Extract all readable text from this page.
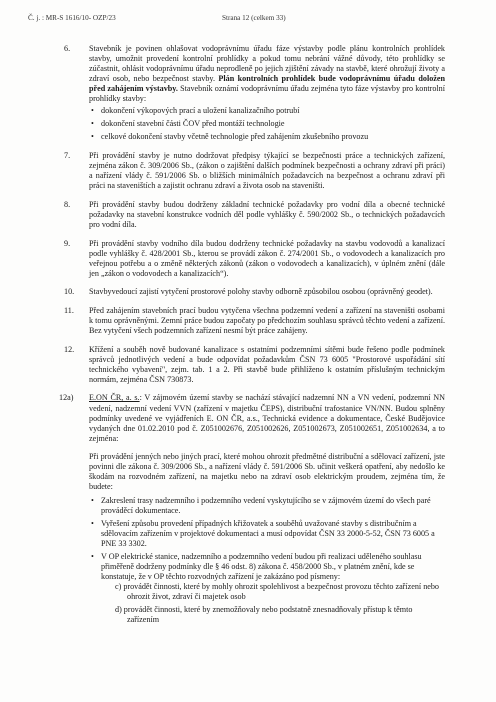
Č. j. : MR-S 1616/10- OZP/23	Strana 12 (celkem 33)
6. Stavebník je povinen ohlašovat vodoprávnímu úřadu fáze výstavby podle plánu kontrolních prohlídek stavby, umožnit provedení kontrolní prohlídky a pokud tomu nebrání vážné důvody, této prohlídky se zúčastnit, ohlásit vodoprávnímu úřadu neprodleně po jejich zjištění závady na stavbě, které ohrožují životy a zdraví osob, nebo bezpečnost stavby. Plán kontrolních prohlídek bude vodoprávnímu úřadu doložen před zahájením výstavby. Stavebník oznámí vodoprávnímu úřadu zejména tyto fáze výstavby pro kontrolní prohlídky stavby:

• dokončení výkopových prací a uložení kanalizačního potrubí
• dokončení stavební části ČOV před montáží technologie
• celkové dokončení stavby včetně technologie před zahájením zkušebního provozu
7. Při provádění stavby je nutno dodržovat předpisy týkající se bezpečnosti práce a technických zařízení, zejména zákon č. 309/2006 Sb., (zákon o zajištění dalších podmínek bezpečnosti a ochrany zdraví při práci) a nařízení vlády č. 591/2006 Sb. o bližších minimálních požadavcích na bezpečnost a ochranu zdraví při práci na staveništích a zajistit ochranu zdraví a života osob na staveništi.

8. Při provádění stavby budou dodrženy základní technické požadavky pro vodní díla a obecné technické požadavky na stavební konstrukce vodních děl podle vyhlášky č. 590/2002 Sb., o technických požadavcích pro vodní díla.

9. Při provádění stavby vodního díla budou dodrženy technické požadavky na stavbu vodovodů a kanalizací podle vyhlášky č. 428/2001 Sb., kterou se provádí zákon č. 274/2001 Sb., o vodovodech a kanalizacích pro veřejnou potřebu a o změně některých zákonů (zákon o vodovodech a kanalizacích), v úplném znění (dále jen „zákon o vodovodech a kanalizacích“).

10. Stavbyvedoucí zajistí vytyčení prostorové polohy stavby odborně způsobilou osobou (oprávněný geodet).

11. Před zahájením stavebních prací budou vytyčena všechna podzemní vedení a zařízení na staveništi osobami k tomu oprávněnými. Zemní práce budou započaty po předchozím souhlasu správců těchto vedení a zařízení. Bez vytyčení všech podzemních zařízení nesmí být práce zahájeny.

12. Křížení a souběh nově budované kanalizace s ostatními podzemními sítěmi bude řešeno podle podmínek správců jednotlivých vedení a bude odpovídat požadavkům ČSN 73 6005 "Prostorové uspořádání sítí technického vybavení", zejm. tab. 1 a 2. Při stavbě bude přihlíženo k ostatním příslušným technickým normám, zejména ČSN 730873.

12a) E.ON ČR, a. s.: V zájmovém území stavby se nachází stávající nadzemní NN a VN vedení, podzemní NN vedení, nadzemní vedení VVN (zařízení v majetku ČEPS), distribuční trafostanice VN/NN. Budou splněny podmínky uvedené ve vyjádřeních E. ON ČR, a.s., Technická evidence a dokumentace, České Budějovice vydaných dne 01.02.2010 pod č. Z051002676, Z051002626, Z051002673, Z051002651, Z051002634, a to zejména:

Při provádění jenných nebo jiných prací, které mohou ohrozit předmětné distribuční a sdělovací zařízení, jste povinni dle zákona č. 309/2006 Sb., a nařízení vlády č. 591/2006 Sb. učinit veškerá opatření, aby nedošlo ke škodám na rozvodném zařízení, na majetku nebo na zdraví osob elektrickým proudem, zejména tím, že budete:

• Zakreslení trasy nadzemního i podzemního vedení vyskytujícího se v zájmovém území do všech paré prováděcí dokumentace.
• Vyřešení způsobu provedení případných křižovatek a souběhů uvažované stavby s distribučním a sdělovacím zařízením v projektové dokumentaci a musí odpovídat ČSN 33 2000-5-52, ČSN 73 6005 a PNE 33 3302.
• V OP elektrické stanice, nadzemního a podzemního vedení budou při realizaci uděleného souhlasu přiměřeně dodrženy podmínky dle § 46 odst. 8) zákona č. 458/2000 Sb., v platném znění, kde se konstatuje, že v OP těchto rozvodných zařízení je zakázáno pod písmeny:
c) provádět činnosti, které by mohly ohrozit spolehlivost a bezpečnost provozu těchto zařízení nebo ohrozit život, zdraví či majetek osob
d) provádět činnosti, které by znemožňovaly nebo podstatně znesnadňovaly přístup k těmto zařízením
